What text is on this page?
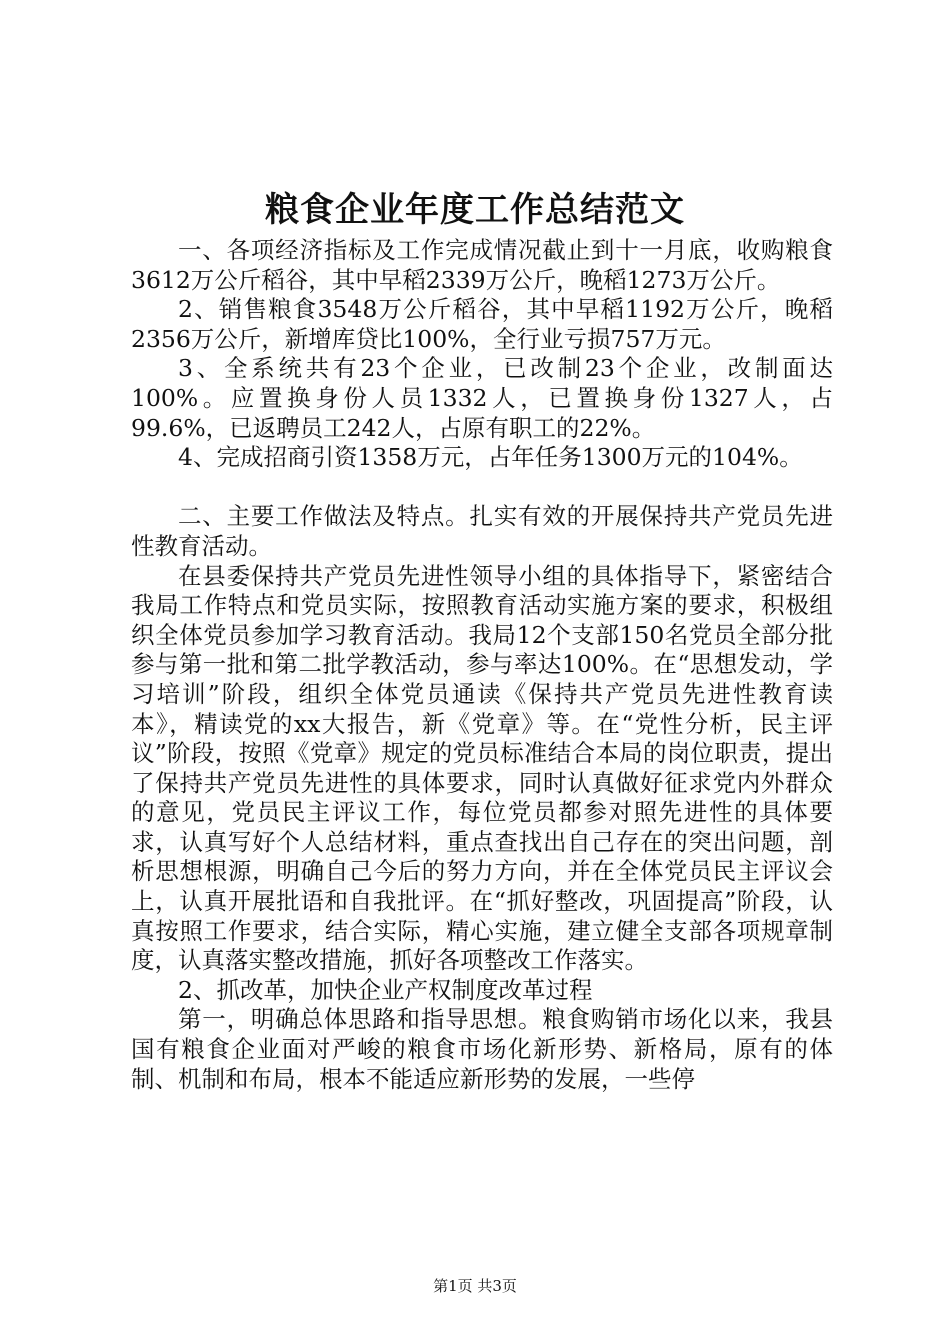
粮食企业年度工作总结范文

一、各项经济指标及工作完成情况截止到十一月底，收购粮食3612万公斤稻谷，其中早稻2339万公斤，晚稻1273万公斤。

2、销售粮食3548万公斤稻谷，其中早稻1192万公斤，晚稻2356万公斤，新增库贷比100%，全行业亏损757万元。

3、全系统共有23个企业，已改制23个企业，改制面达100%。应置换身份人员1332人，已置换身份1327人，占99.6%，已返聘员工242人，占原有职工的22%。

4、完成招商引资1358万元，占年任务1300万元的104%。

二、主要工作做法及特点。扎实有效的开展保持共产党员先进性教育活动。

在县委保持共产党员先进性领导小组的具体指导下，紧密结合我局工作特点和党员实际，按照教育活动实施方案的要求，积极组织全体党员参加学习教育活动。我局12个支部150名党员全部分批参与第一批和第二批学教活动，参与率达100%。在“思想发动，学习培训”阶段，组织全体党员通读《保持共产党员先进性教育读本》，精读党的xx大报告，新《党章》等。在“党性分析，民主评议”阶段，按照《党章》规定的党员标准结合本局的岗位职责，提出了保持共产党员先进性的具体要求，同时认真做好征求党内外群众的意见，党员民主评议工作，每位党员都参对照先进性的具体要求，认真写好个人总结材料，重点查找出自己存在的突出问题，剖析思想根源，明确自己今后的努力方向，并在全体党员民主评议会上，认真开展批语和自我批评。在“抓好整改，巩固提高”阶段，认真按照工作要求，结合实际，精心实施，建立健全支部各项规章制度，认真落实整改措施，抓好各项整改工作落实。

2、抓改革，加快企业产权制度改革过程

第一，明确总体思路和指导思想。粮食购销市场化以来，我县国有粮食企业面对严峻的粮食市场化新形势、新格局，原有的体制、机制和布局，根本不能适应新形势的发展，一些停

第1页 共3页
